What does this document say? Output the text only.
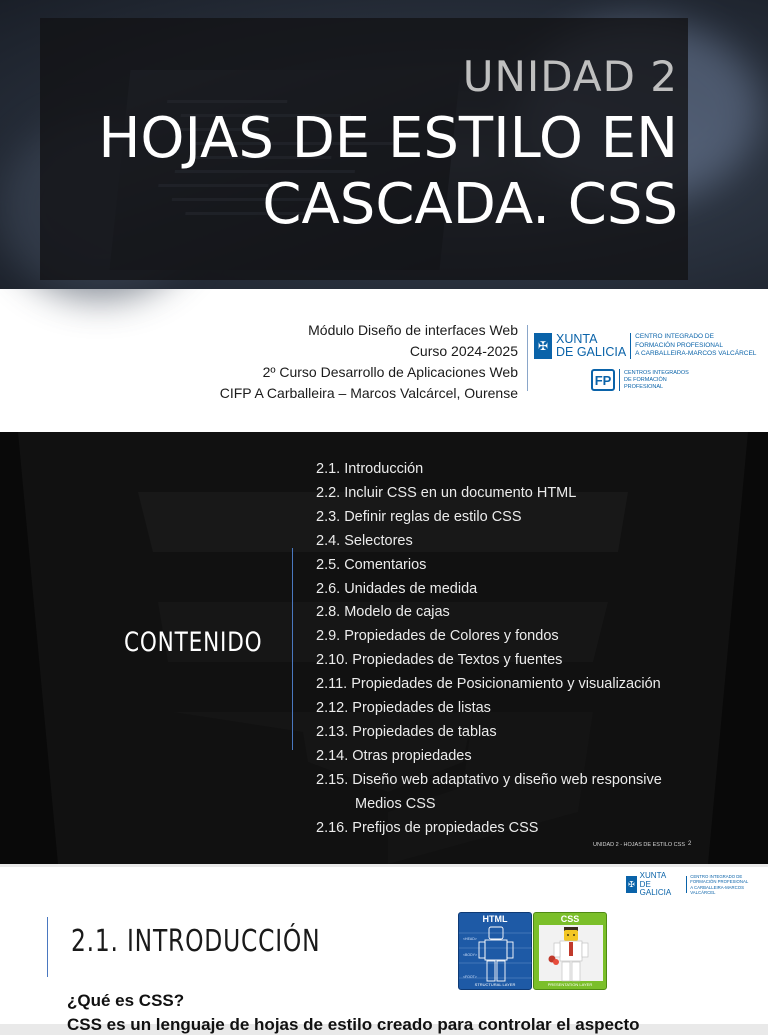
UNIDAD 2
HOJAS DE ESTILO EN
CASCADA. CSS
Módulo Diseño de interfaces Web
Curso 2024-2025
2º Curso Desarrollo de Aplicaciones Web
CIFP A Carballeira – Marcos Valcárcel, Ourense
✠ XUNTA
DE GALICIA
CENTRO INTEGRADO DE
FORMACIÓN PROFESIONAL
A CARBALLEIRA-MARCOS VALCÁRCEL
FP	CENTROS INTEGRADOS
DE FORMACIÓN
PROFESIONAL
CONTENIDO
2.1. Introducción
2.2. Incluir CSS en un documento HTML
2.3. Definir reglas de estilo CSS
2.4. Selectores
2.5. Comentarios
2.6. Unidades de medida
2.8. Modelo de cajas
2.9. Propiedades de Colores y fondos
2.10. Propiedades de Textos y fuentes
2.11. Propiedades de Posicionamiento y visualización
2.12. Propiedades de listas
2.13. Propiedades de tablas
2.14. Otras propiedades
2.15. Diseño web adaptativo y diseño web responsive
Medios CSS
2.16. Prefijos de propiedades CSS
UNIDAD 2 - HOJAS DE ESTILO CSS 2
✠
XUNTA
DE GALICIA
CENTRO INTEGRADO DE
FORMACIÓN PROFESIONAL
A CARBALLEIRA-MARCOS VALCÁRCEL
2.1. INTRODUCCIÓN
HTML
<HEAD>
<BODY>
<FOOT>
STRUCTURAL LAYER
CSS
PRESENTATION LAYER
¿Qué es CSS?
CSS es un lenguaje de hojas de estilo creado para controlar el aspecto
